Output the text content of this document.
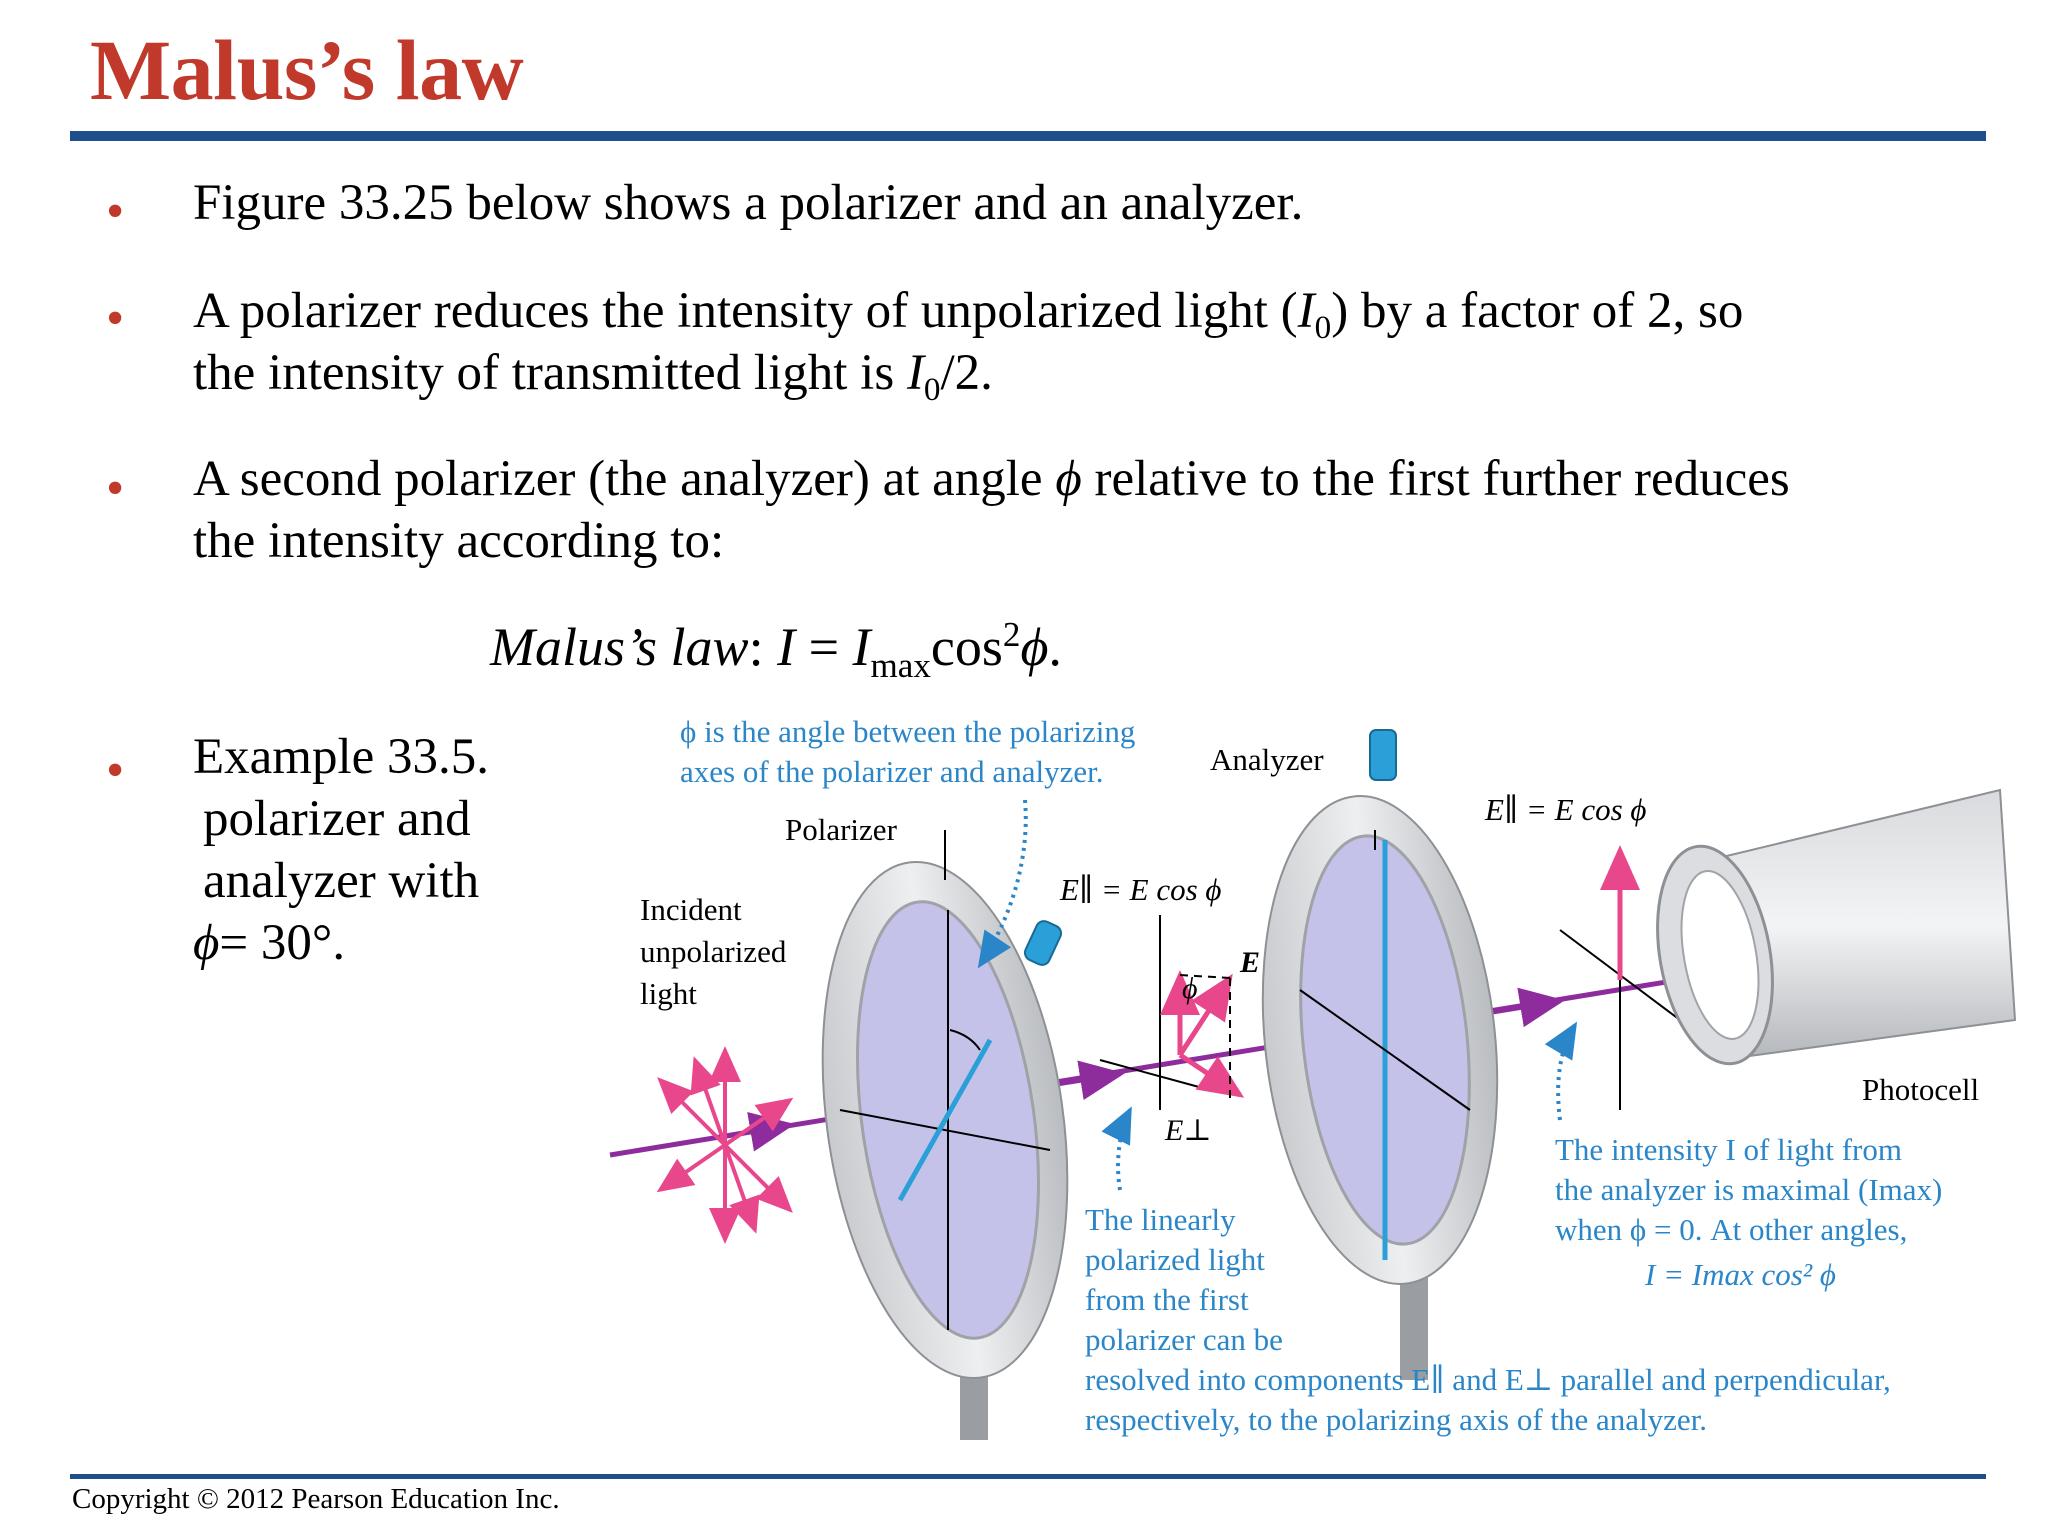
Malus’s law
• Figure 33.25 below shows a polarizer and an analyzer.
• A polarizer reduces the intensity of unpolarized light $(I_0)$ by a factor of 2, so
the intensity of transmitted light is $I_0/2$.
• A second polarizer (the analyzer) at angle ϕ relative to the first further reduces
the intensity according to:
Malus’s law: $I = I_{max}\cos^2\phi$.
• Example 33.5.
polarizer and
analyzer with
ϕ= 30°.
ϕ is the angle between the polarizing
axes of the polarizer and analyzer.	Analyzer
Polarizer
Incident
unpolarized
light
E∥ = E cos ϕ
E∥ = E cos ϕ
ϕ
E
E⊥
Photocell
The linearly
polarized light
from the first
polarizer can be
resolved into components E∥ and E⊥ parallel and perpendicular,
respectively, to the polarizing axis of the analyzer.
The intensity I of light from
the analyzer is maximal (Imax)
when ϕ = 0. At other angles,
I = Imax cos² ϕ
Copyright © 2012 Pearson Education Inc.
